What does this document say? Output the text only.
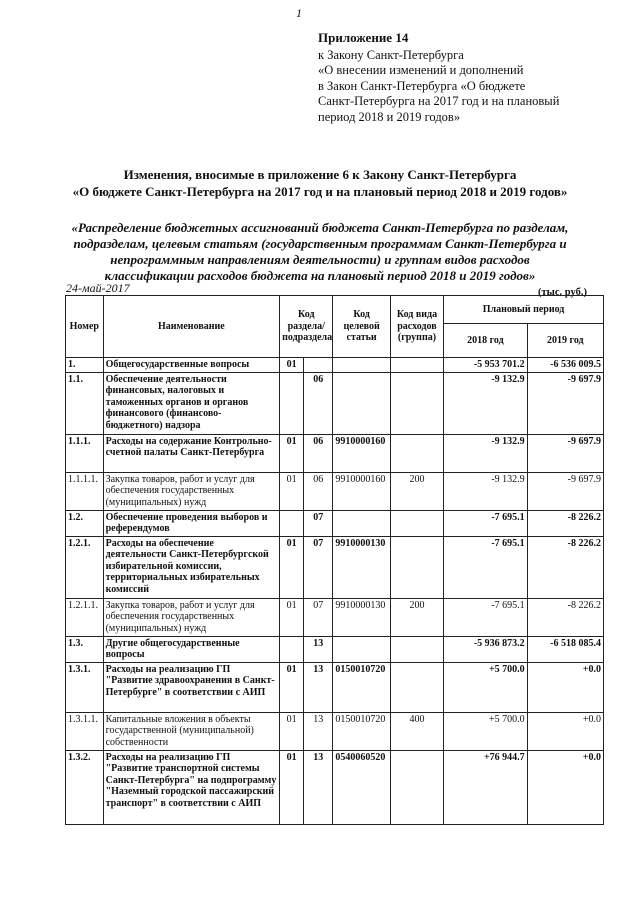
1
Приложение 14
к Закону Санкт-Петербурга
«О внесении изменений и дополнений
в Закон Санкт-Петербурга «О бюджете
Санкт-Петербурга на 2017 год и на плановый
период 2018 и 2019 годов»
Изменения, вносимые в приложение 6 к Закону Санкт-Петербурга
«О бюджете Санкт-Петербурга на 2017 год и на плановый период 2018 и 2019 годов»
«Распределение бюджетных ассигнований бюджета Санкт-Петербурга по разделам,
подразделам, целевым статьям (государственным программам Санкт-Петербурга и
непрограммным направлениям деятельности) и группам видов расходов
классификации расходов бюджета на плановый период 2018 и 2019 годов»
24-май-2017	(тыс. руб.)
Номер	Наименование	Код раздела/ подраздела		Код целевой статьи	Код вида расходов (группа)	Плановый период	
						2018 год	2019 год
1.	Общегосударственные вопросы	01				-5 953 701.2	-6 536 009.5
1.1.	Обеспечение деятельности финансовых, налоговых и таможенных органов и органов финансового (финансово-бюджетного) надзора		06			-9 132.9	-9 697.9
1.1.1.	Расходы на содержание Контрольно-счетной палаты Санкт-Петербурга	01	06	9910000160		-9 132.9	-9 697.9
1.1.1.1.	Закупка товаров, работ и услуг для обеспечения государственных (муниципальных) нужд	01	06	9910000160	200	-9 132.9	-9 697.9
1.2.	Обеспечение проведения выборов и референдумов		07			-7 695.1	-8 226.2
1.2.1.	Расходы на обеспечение деятельности Санкт-Петербургской избирательной комиссии, территориальных избирательных комиссий	01	07	9910000130		-7 695.1	-8 226.2
1.2.1.1.	Закупка товаров, работ и услуг для обеспечения государственных (муниципальных) нужд	01	07	9910000130	200	-7 695.1	-8 226.2
1.3.	Другие общегосударственные вопросы		13			-5 936 873.2	-6 518 085.4
1.3.1.	Расходы на реализацию ГП "Развитие здравоохранения в Санкт-Петербурге" в соответствии с АИП	01	13	0150010720		+5 700.0	+0.0
1.3.1.1.	Капитальные вложения в объекты государственной (муниципальной) собственности	01	13	0150010720	400	+5 700.0	+0.0
1.3.2.	Расходы на реализацию ГП "Развитие транспортной системы Санкт-Петербурга" на подпрограмму "Наземный городской пассажирский транспорт" в соответствии с АИП	01	13	0540060520		+76 944.7	+0.0
